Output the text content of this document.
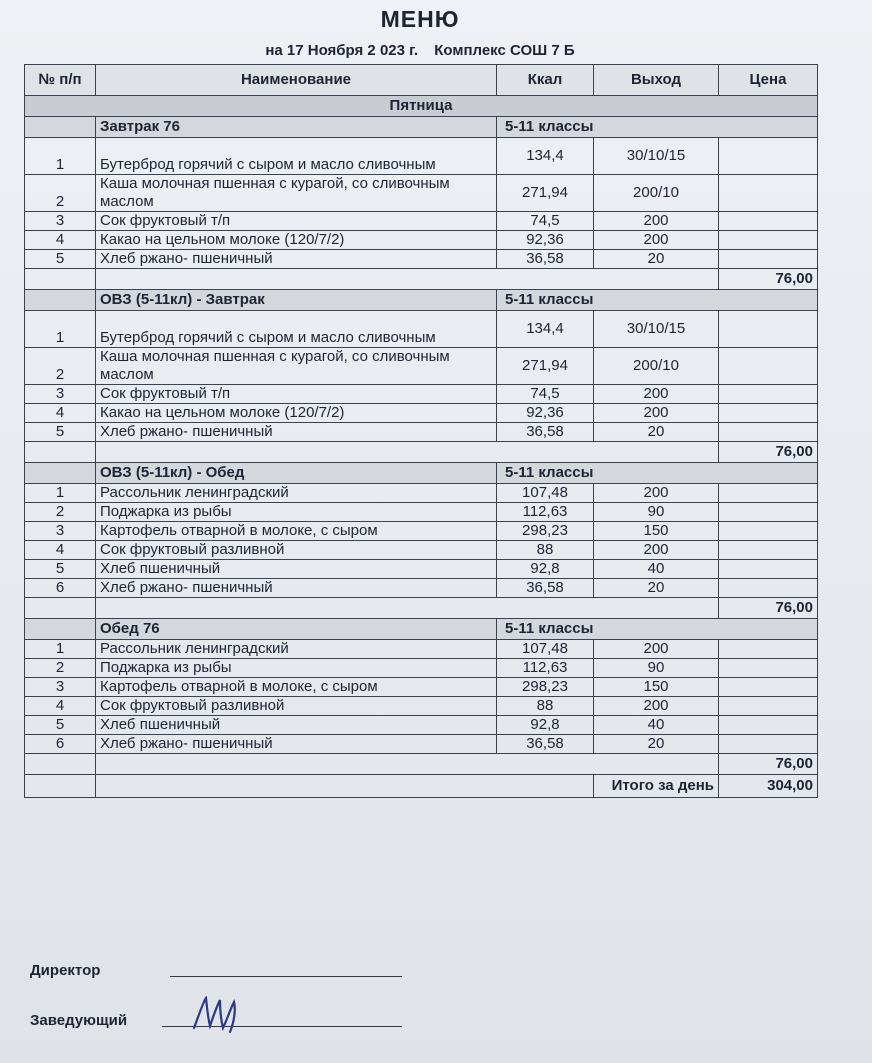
МЕНЮ
на 17 Ноября 2 023 г. Комплекс СОШ 7 Б
№ п/п	Наименование	Ккал	Выход	Цена
Пятница				
	Завтрак 76	5-11 классы		
1	Бутерброд горячий с сыром и масло сливочным	134,4	30/10/15	
2	Каша молочная пшенная с курагой, со сливочным маслом	271,94	200/10	
3	Сок фруктовый т/п	74,5	200	
4	Какао на цельном молоке (120/7/2)	92,36	200	
5	Хлеб ржано- пшеничный	36,58	20	
				76,00
	ОВЗ (5-11кл) - Завтрак	5-11 классы		
1	Бутерброд горячий с сыром и масло сливочным	134,4	30/10/15	
2	Каша молочная пшенная с курагой, со сливочным маслом	271,94	200/10	
3	Сок фруктовый т/п	74,5	200	
4	Какао на цельном молоке (120/7/2)	92,36	200	
5	Хлеб ржано- пшеничный	36,58	20	
				76,00
	ОВЗ (5-11кл) - Обед	5-11 классы		
1	Рассольник ленинградский	107,48	200	
2	Поджарка из рыбы	112,63	90	
3	Картофель отварной в молоке, с сыром	298,23	150	
4	Сок фруктовый разливной	88	200	
5	Хлеб пшеничный	92,8	40	
6	Хлеб ржано- пшеничный	36,58	20	
				76,00
	Обед 76	5-11 классы		
1	Рассольник ленинградский	107,48	200	
2	Поджарка из рыбы	112,63	90	
3	Картофель отварной в молоке, с сыром	298,23	150	
4	Сок фруктовый разливной	88	200	
5	Хлеб пшеничный	92,8	40	
6	Хлеб ржано- пшеничный	36,58	20	
				76,00
			Итого за день	304,00
Директор
Заведующий
